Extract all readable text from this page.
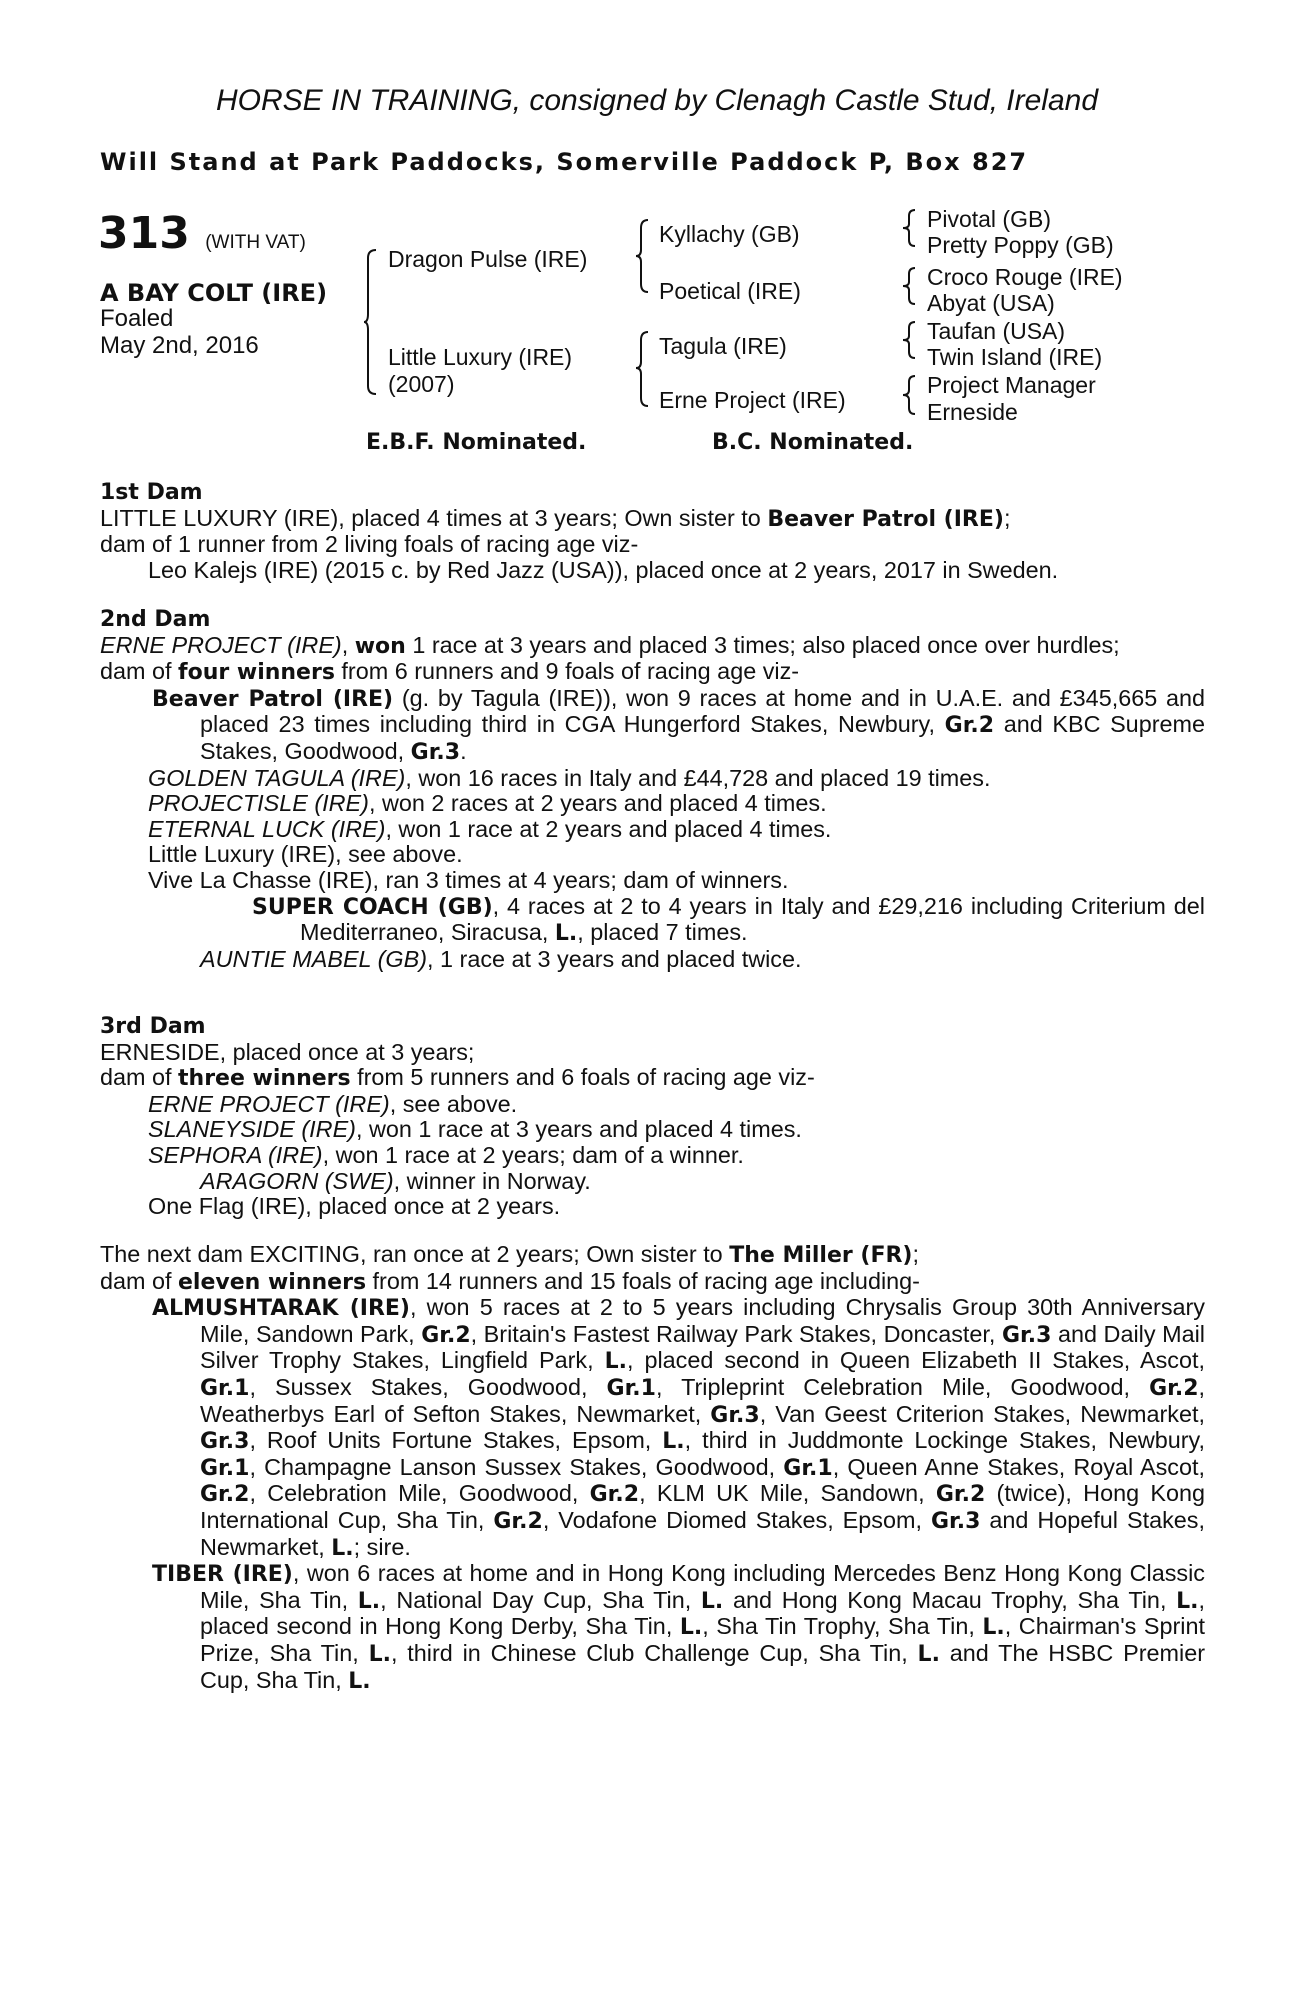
HORSE IN TRAINING, consigned by Clenagh Castle Stud, Ireland
Will Stand at Park Paddocks, Somerville Paddock P, Box 827
313 (WITH VAT)
A BAY COLT (IRE)
Foaled
May 2nd, 2016
Dragon Pulse (IRE)
Little Luxury (IRE)
(2007)
Kyllachy (GB)
Poetical (IRE)
Tagula (IRE)
Erne Project (IRE)
Pivotal (GB)
Pretty Poppy (GB)
Croco Rouge (IRE)
Abyat (USA)
Taufan (USA)
Twin Island (IRE)
Project Manager
Erneside
E.B.F. Nominated.	B.C. Nominated.

1st Dam

LITTLE LUXURY (IRE), placed 4 times at 3 years; Own sister to Beaver Patrol (IRE);

dam of 1 runner from 2 living foals of racing age viz-

Leo Kalejs (IRE) (2015 c. by Red Jazz (USA)), placed once at 2 years, 2017 in Sweden.

2nd Dam

ERNE PROJECT (IRE), won 1 race at 3 years and placed 3 times; also placed once over hurdles;

dam of four winners from 6 runners and 9 foals of racing age viz-

Beaver Patrol (IRE) (g. by Tagula (IRE)), won 9 races at home and in U.A.E. and £345,665 and placed 23 times including third in CGA Hungerford Stakes, Newbury, Gr.2 and KBC Supreme Stakes, Goodwood, Gr.3.

GOLDEN TAGULA (IRE), won 16 races in Italy and £44,728 and placed 19 times.

PROJECTISLE (IRE), won 2 races at 2 years and placed 4 times.

ETERNAL LUCK (IRE), won 1 race at 2 years and placed 4 times.

Little Luxury (IRE), see above.

Vive La Chasse (IRE), ran 3 times at 4 years; dam of winners.

SUPER COACH (GB), 4 races at 2 to 4 years in Italy and £29,216 including Criterium del Mediterraneo, Siracusa, L., placed 7 times.

AUNTIE MABEL (GB), 1 race at 3 years and placed twice.

3rd Dam

ERNESIDE, placed once at 3 years;

dam of three winners from 5 runners and 6 foals of racing age viz-

ERNE PROJECT (IRE), see above.

SLANEYSIDE (IRE), won 1 race at 3 years and placed 4 times.

SEPHORA (IRE), won 1 race at 2 years; dam of a winner.

ARAGORN (SWE), winner in Norway.

One Flag (IRE), placed once at 2 years.

The next dam EXCITING, ran once at 2 years; Own sister to The Miller (FR);

dam of eleven winners from 14 runners and 15 foals of racing age including-

ALMUSHTARAK (IRE), won 5 races at 2 to 5 years including Chrysalis Group 30th Anniversary Mile, Sandown Park, Gr.2, Britain's Fastest Railway Park Stakes, Doncaster, Gr.3 and Daily Mail Silver Trophy Stakes, Lingfield Park, L., placed second in Queen Elizabeth II Stakes, Ascot, Gr.1, Sussex Stakes, Goodwood, Gr.1, Tripleprint Celebration Mile, Goodwood, Gr.2, Weatherbys Earl of Sefton Stakes, Newmarket, Gr.3, Van Geest Criterion Stakes, Newmarket, Gr.3, Roof Units Fortune Stakes, Epsom, L., third in Juddmonte Lockinge Stakes, Newbury, Gr.1, Champagne Lanson Sussex Stakes, Goodwood, Gr.1, Queen Anne Stakes, Royal Ascot, Gr.2, Celebration Mile, Goodwood, Gr.2, KLM UK Mile, Sandown, Gr.2 (twice), Hong Kong International Cup, Sha Tin, Gr.2, Vodafone Diomed Stakes, Epsom, Gr.3 and Hopeful Stakes, Newmarket, L.; sire.

TIBER (IRE), won 6 races at home and in Hong Kong including Mercedes Benz Hong Kong Classic Mile, Sha Tin, L., National Day Cup, Sha Tin, L. and Hong Kong Macau Trophy, Sha Tin, L., placed second in Hong Kong Derby, Sha Tin, L., Sha Tin Trophy, Sha Tin, L., Chairman's Sprint Prize, Sha Tin, L., third in Chinese Club Challenge Cup, Sha Tin, L. and The HSBC Premier Cup, Sha Tin, L.
